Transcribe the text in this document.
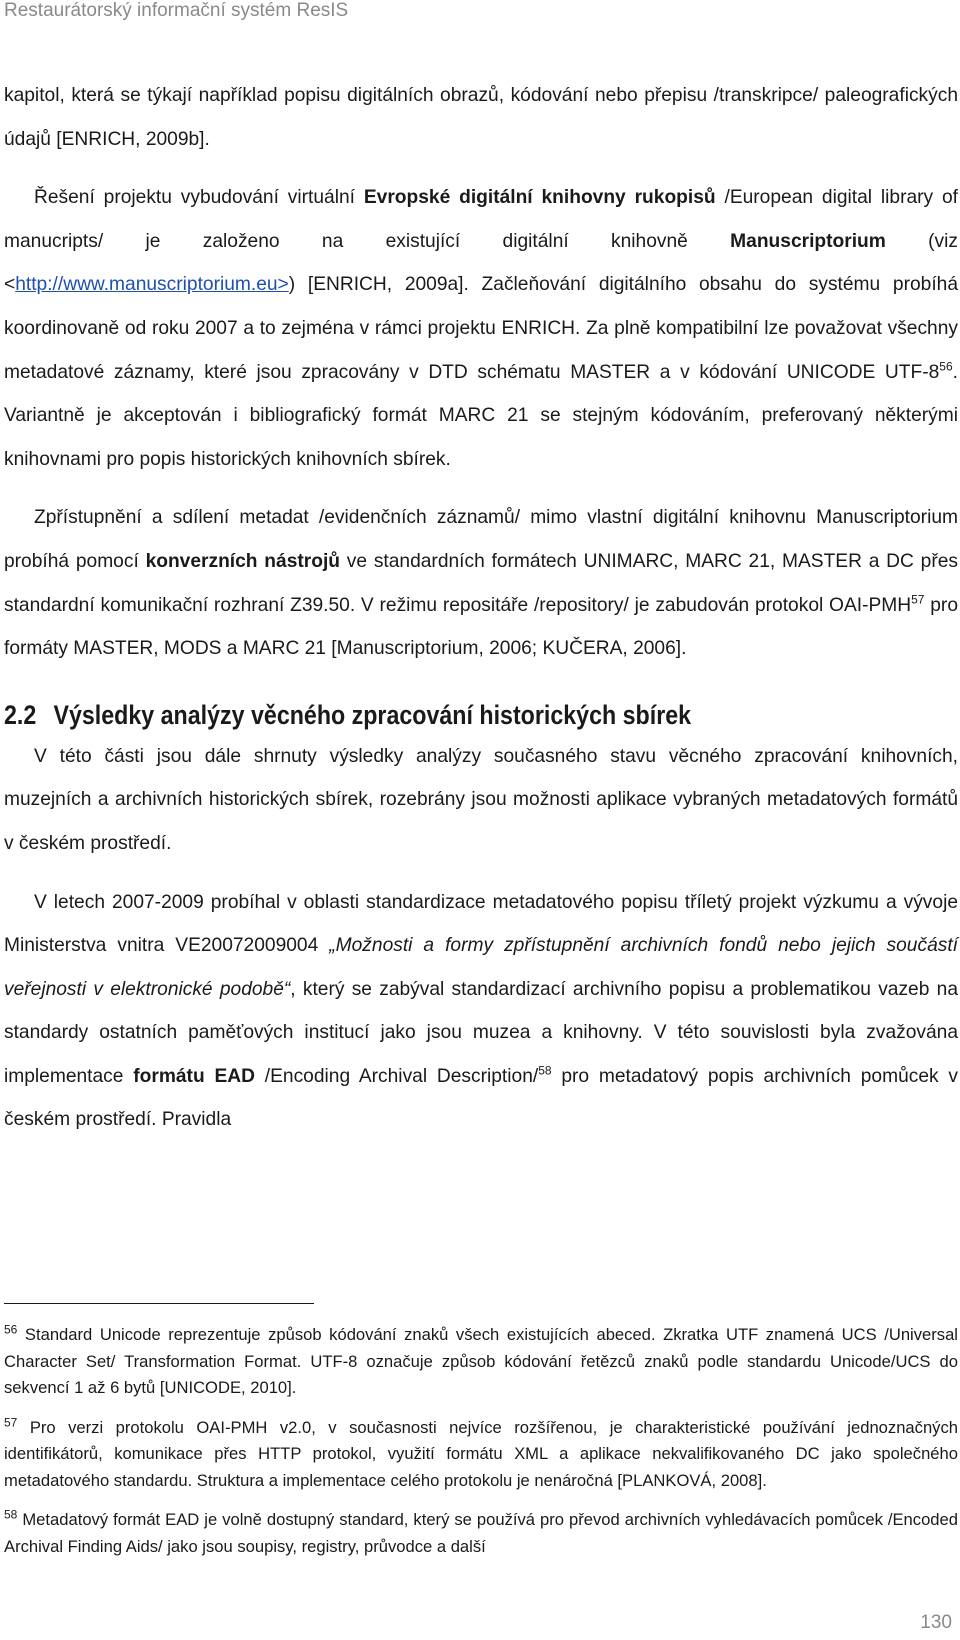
Restaurátorský informační systém ResIS

kapitol, která se týkají například popisu digitálních obrazů, kódování nebo přepisu /transkripce/ paleografických údajů [ENRICH, 2009b].

Řešení projektu vybudování virtuální Evropské digitální knihovny rukopisů /European digital library of manucripts/ je založeno na existující digitální knihovně Manuscriptorium (viz <http://www.manuscriptorium.eu>) [ENRICH, 2009a]. Začleňování digitálního obsahu do systému probíhá koordinovaně od roku 2007 a to zejména v rámci projektu ENRICH. Za plně kompatibilní lze považovat všechny metadatové záznamy, které jsou zpracovány v DTD schématu MASTER a v kódování UNICODE UTF-$8^{56}$. Variantně je akceptován i bibliografický formát MARC 21 se stejným kódováním, preferovaný některými knihovnami pro popis historických knihovních sbírek.

Zpřístupnění a sdílení metadat /evidenčních záznamů/ mimo vlastní digitální knihovnu Manuscriptorium probíhá pomocí konverzních nástrojů ve standardních formátech UNIMARC, MARC 21, MASTER a DC přes standardní komunikační rozhraní Z39.50. V režimu repositáře /repository/ je zabudován protokol OAI-PMH$^{57}$ pro formáty MASTER, MODS a MARC 21 [Manuscriptorium, 2006; KUČERA, 2006].

2.2 Výsledky analýzy věcného zpracování historických sbírek

V této části jsou dále shrnuty výsledky analýzy současného stavu věcného zpracování knihovních, muzejních a archivních historických sbírek, rozebrány jsou možnosti aplikace vybraných metadatových formátů v českém prostředí.

V letech 2007-2009 probíhal v oblasti standardizace metadatového popisu tříletý projekt výzkumu a vývoje Ministerstva vnitra VE20072009004 „Možnosti a formy zpřístupnění archivních fondů nebo jejich součástí veřejnosti v elektronické podobě“, který se zabýval standardizací archivního popisu a problematikou vazeb na standardy ostatních paměťových institucí jako jsou muzea a knihovny. V této souvislosti byla zvažována implementace formátu EAD /Encoding Archival Description/$^{58}$ pro metadatový popis archivních pomůcek v českém prostředí. Pravidla

$^{56}$ Standard Unicode reprezentuje způsob kódování znaků všech existujících abeced. Zkratka UTF znamená UCS /Universal Character Set/ Transformation Format. UTF-8 označuje způsob kódování řetězců znaků podle standardu Unicode/UCS do sekvencí 1 až 6 bytů [UNICODE, 2010].

$^{57}$ Pro verzi protokolu OAI-PMH v2.0, v současnosti nejvíce rozšířenou, je charakteristické používání jednoznačných identifikátorů, komunikace přes HTTP protokol, využití formátu XML a aplikace nekvalifikovaného DC jako společného metadatového standardu. Struktura a implementace celého protokolu je nenáročná [PLANKOVÁ, 2008].

$^{58}$ Metadatový formát EAD je volně dostupný standard, který se používá pro převod archivních vyhledávacích pomůcek /Encoded Archival Finding Aids/ jako jsou soupisy, registry, průvodce a další

130
